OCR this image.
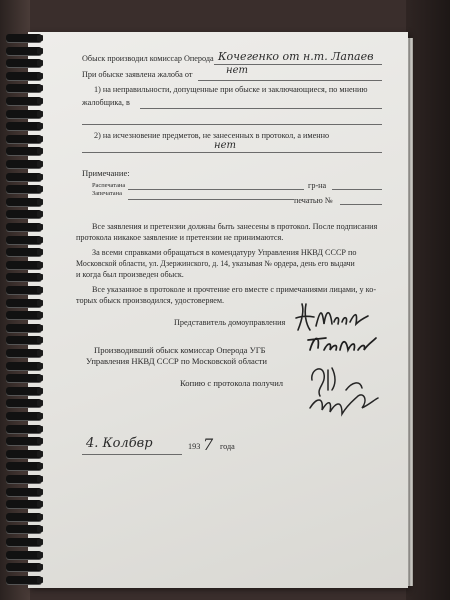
Обыск производил комиссар Оперода Кочегенко от н.т. Лапаев
При обыске заявлена жалоба от	нет
1) на неправильности, допущенные при обыске и заключающиеся, по мнению
жалобщика, в
2) на исчезновение предметов, не занесенных в протокол, а именно
нет
Примечание:
Распечатана
Запечатана
гр-на
печатью №
Все заявления и претензии должны быть занесены в протокол. После подписания
протокола никакое заявление и претензии не принимаются.
За всеми справками обращаться в комендатуру Управления НКВД СССР по
Московской области, ул. Дзержинского, д. 14, указывая № ордера, день его выдачи
и когда был произведен обыск.
Все указанное в протоколе и прочтение его вместе с примечаниями лицами, у ко-
торых обыск производился, удостоверяем.
Представитель домоуправления
Производивший обыск комиссар Оперода УГБ
Управления НКВД СССР по Московской области
Копию с протокола получил
4. Колбвр	193 7 года
